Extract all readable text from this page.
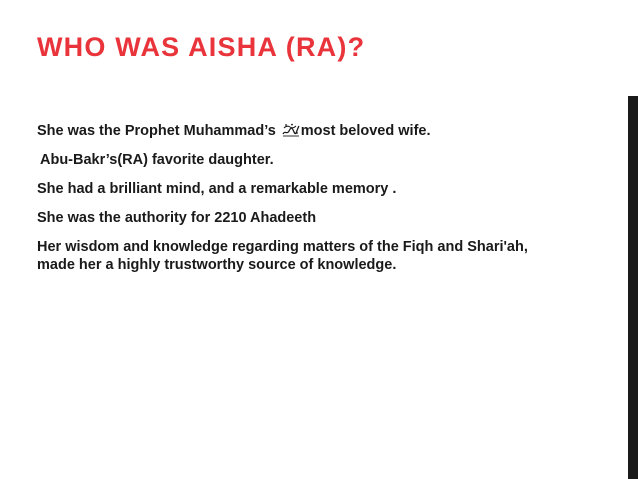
WHO WAS AISHA (RA)?
She was the Prophet Muhammad’s most beloved wife.
Abu-Bakr’s(RA) favorite daughter.
She had a brilliant mind, and a remarkable memory .
She was the authority for 2210 Ahadeeth
Her wisdom and knowledge regarding matters of the Fiqh and Shari'ah, made her a highly trustworthy source of knowledge.
